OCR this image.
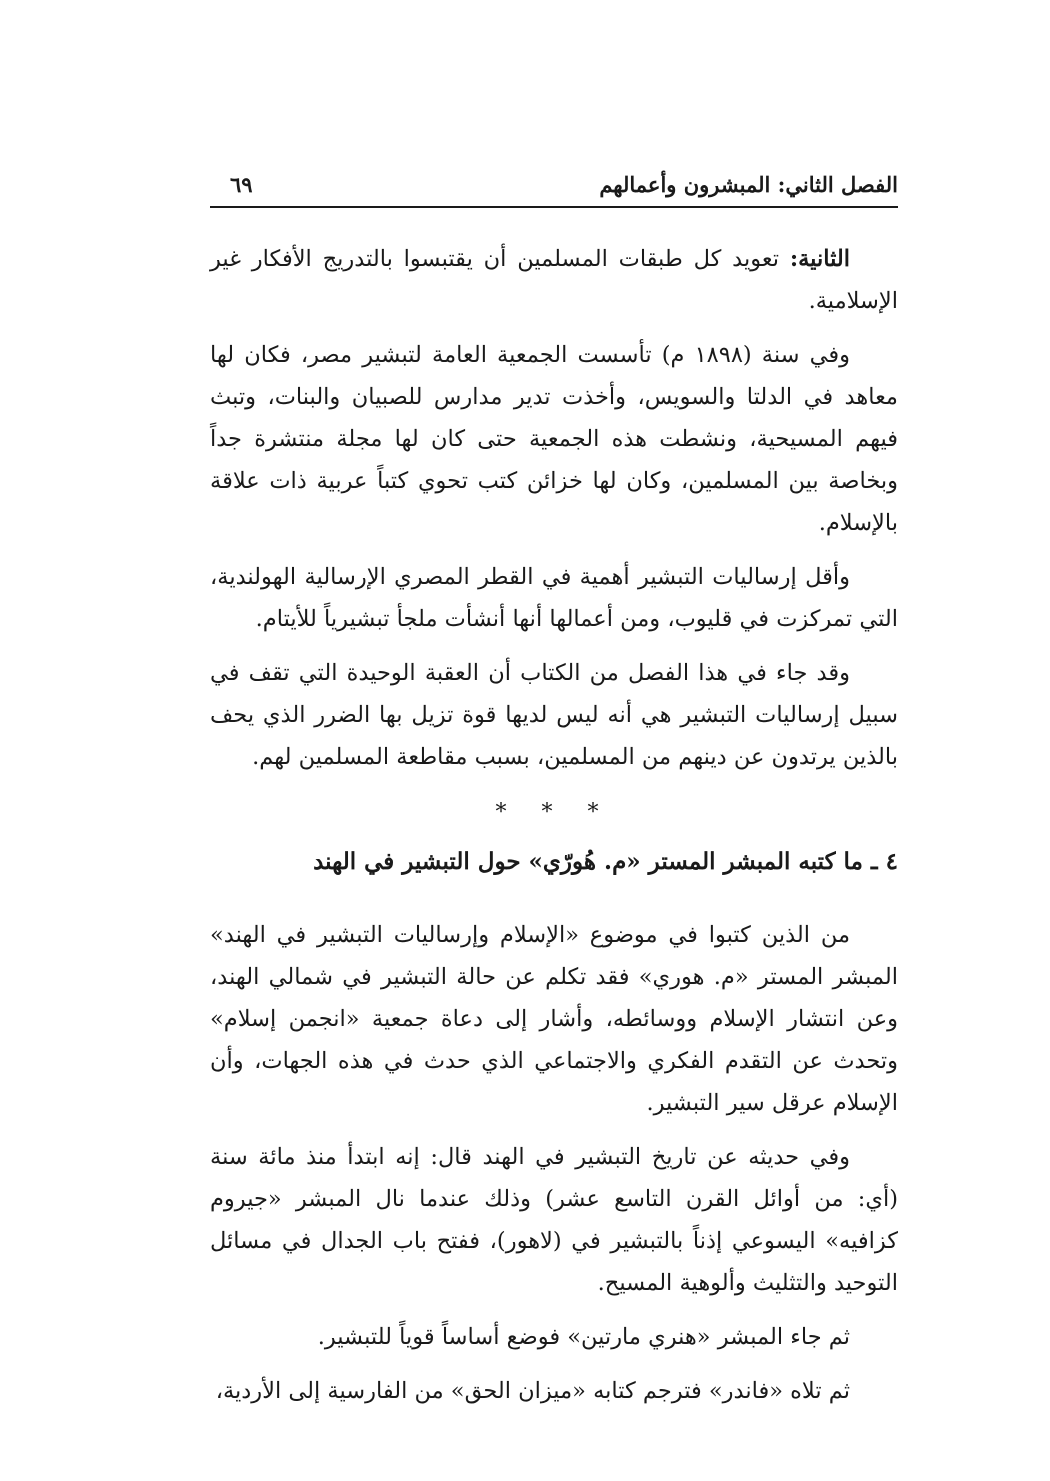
الفصل الثاني: المبشرون وأعمالهم
٦٩

الثانية: تعويد كل طبقات المسلمين أن يقتبسوا بالتدريج الأفكار غير الإسلامية.

وفي سنة (١٨٩٨ م) تأسست الجمعية العامة لتبشير مصر، فكان لها معاهد في الدلتا والسويس، وأخذت تدير مدارس للصبيان والبنات، وتبث فيهم المسيحية، ونشطت هذه الجمعية حتى كان لها مجلة منتشرة جداً وبخاصة بين المسلمين، وكان لها خزائن كتب تحوي كتباً عربية ذات علاقة بالإسلام.

وأقل إرساليات التبشير أهمية في القطر المصري الإرسالية الهولندية، التي تمركزت في قليوب، ومن أعمالها أنها أنشأت ملجأ تبشيرياً للأيتام.

وقد جاء في هذا الفصل من الكتاب أن العقبة الوحيدة التي تقف في سبيل إرساليات التبشير هي أنه ليس لديها قوة تزيل بها الضرر الذي يحف بالذين يرتدون عن دينهم من المسلمين، بسبب مقاطعة المسلمين لهم.

* * *

٤ ـ ما كتبه المبشر المستر «م. هُورّي» حول التبشير في الهند

من الذين كتبوا في موضوع «الإسلام وإرساليات التبشير في الهند» المبشر المستر «م. هوري» فقد تكلم عن حالة التبشير في شمالي الهند، وعن انتشار الإسلام ووسائطه، وأشار إلى دعاة جمعية «انجمن إسلام» وتحدث عن التقدم الفكري والاجتماعي الذي حدث في هذه الجهات، وأن الإسلام عرقل سير التبشير.

وفي حديثه عن تاريخ التبشير في الهند قال: إنه ابتدأ منذ مائة سنة (أي: من أوائل القرن التاسع عشر) وذلك عندما نال المبشر «جيروم كزافيه» اليسوعي إذناً بالتبشير في (لاهور)، ففتح باب الجدال في مسائل التوحيد والتثليث وألوهية المسيح.

ثم جاء المبشر «هنري مارتين» فوضع أساساً قوياً للتبشير.

ثم تلاه «فاندر» فترجم كتابه «ميزان الحق» من الفارسية إلى الأردية،
